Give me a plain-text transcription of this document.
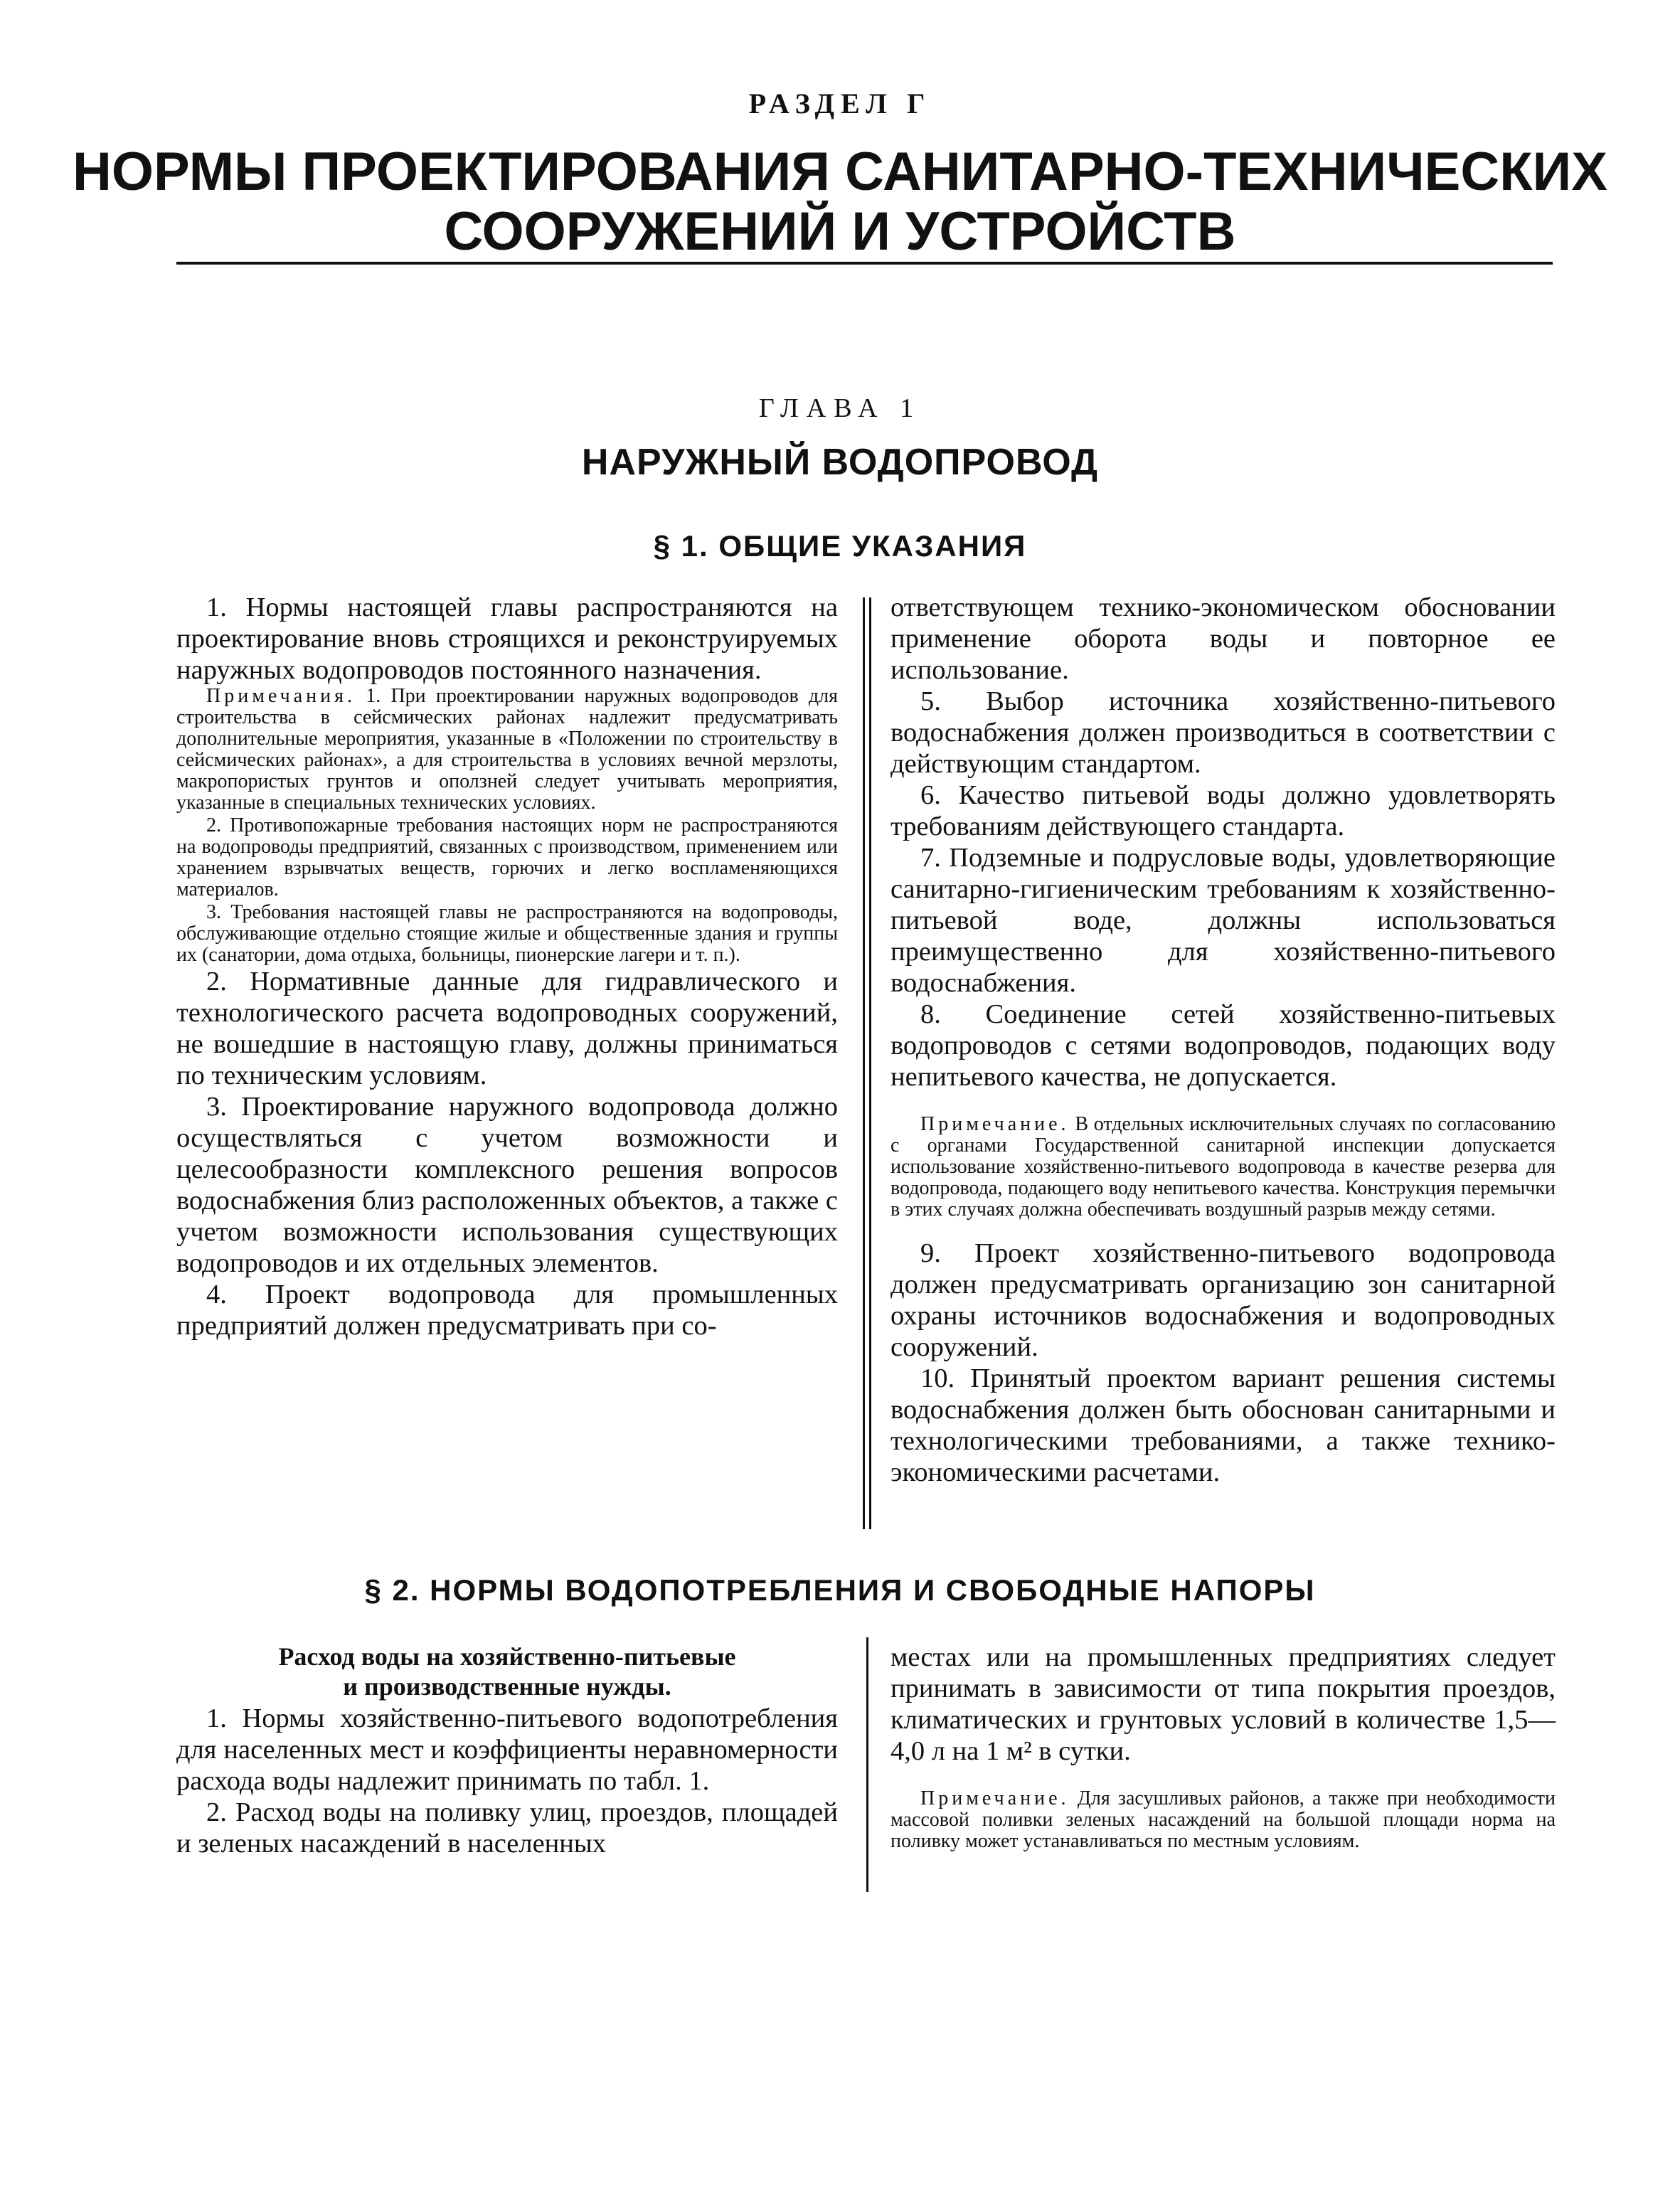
РАЗДЕЛ Г
НОРМЫ ПРОЕКТИРОВАНИЯ САНИТАРНО-ТЕХНИЧЕСКИХ
СООРУЖЕНИЙ И УСТРОЙСТВ
ГЛАВА 1
НАРУЖНЫЙ ВОДОПРОВОД
§ 1. ОБЩИЕ УКАЗАНИЯ

1. Нормы настоящей главы распространяются на проектирование вновь строящихся и реконструируемых наружных водопроводов постоянного назначения.

Примечания. 1. При проектировании наружных водопроводов для строительства в сейсмических районах надлежит предусматривать дополнительные мероприятия, указанные в «Положении по строительству в сейсмических районах», а для строительства в условиях вечной мерзлоты, макропористых грунтов и оползней следует учитывать мероприятия, указанные в специальных технических условиях.

2. Противопожарные требования настоящих норм не распространяются на водопроводы предприятий, связанных с производством, применением или хранением взрывчатых веществ, горючих и легко воспламеняющихся материалов.

3. Требования настоящей главы не распространяются на водопроводы, обслуживающие отдельно стоящие жилые и общественные здания и группы их (санатории, дома отдыха, больницы, пионерские лагери и т. п.).

2. Нормативные данные для гидравлического и технологического расчета водопроводных сооружений, не вошедшие в настоящую главу, должны приниматься по техническим условиям.

3. Проектирование наружного водопровода должно осуществляться с учетом возможности и целесообразности комплексного решения вопросов водоснабжения близ расположенных объектов, а также с учетом возможности использования существующих водопроводов и их отдельных элементов.

4. Проект водопровода для промышленных предприятий должен предусматривать при со-

ответствующем технико-экономическом обосновании применение оборота воды и повторное ее использование.

5. Выбор источника хозяйственно-питьевого водоснабжения должен производиться в соответствии с действующим стандартом.

6. Качество питьевой воды должно удовлетворять требованиям действующего стандарта.

7. Подземные и подрусловые воды, удовлетворяющие санитарно-гигиеническим требованиям к хозяйственно-питьевой воде, должны использоваться преимущественно для хозяйственно-питьевого водоснабжения.

8. Соединение сетей хозяйственно-питьевых водопроводов с сетями водопроводов, подающих воду непитьевого качества, не допускается.

Примечание. В отдельных исключительных случаях по согласованию с органами Государственной санитарной инспекции допускается использование хозяйственно-питьевого водопровода в качестве резерва для водопровода, подающего воду непитьевого качества. Конструкция перемычки в этих случаях должна обеспечивать воздушный разрыв между сетями.

9. Проект хозяйственно-питьевого водопровода должен предусматривать организацию зон санитарной охраны источников водоснабжения и водопроводных сооружений.

10. Принятый проектом вариант решения системы водоснабжения должен быть обоснован санитарными и технологическими требованиями, а также технико-экономическими расчетами.

§ 2. НОРМЫ ВОДОПОТРЕБЛЕНИЯ И СВОБОДНЫЕ НАПОРЫ

Расход воды на хозяйственно-питьевые
и производственные нужды.

1. Нормы хозяйственно-питьевого водопотребления для населенных мест и коэффициенты неравномерности расхода воды надлежит принимать по табл. 1.

2. Расход воды на поливку улиц, проездов, площадей и зеленых насаждений в населенных

местах или на промышленных предприятиях следует принимать в зависимости от типа покрытия проездов, климатических и грунтовых условий в количестве 1,5—4,0 л на 1 м² в сутки.

Примечание. Для засушливых районов, а также при необходимости массовой поливки зеленых насаждений на большой площади норма на поливку может устанавливаться по местным условиям.
